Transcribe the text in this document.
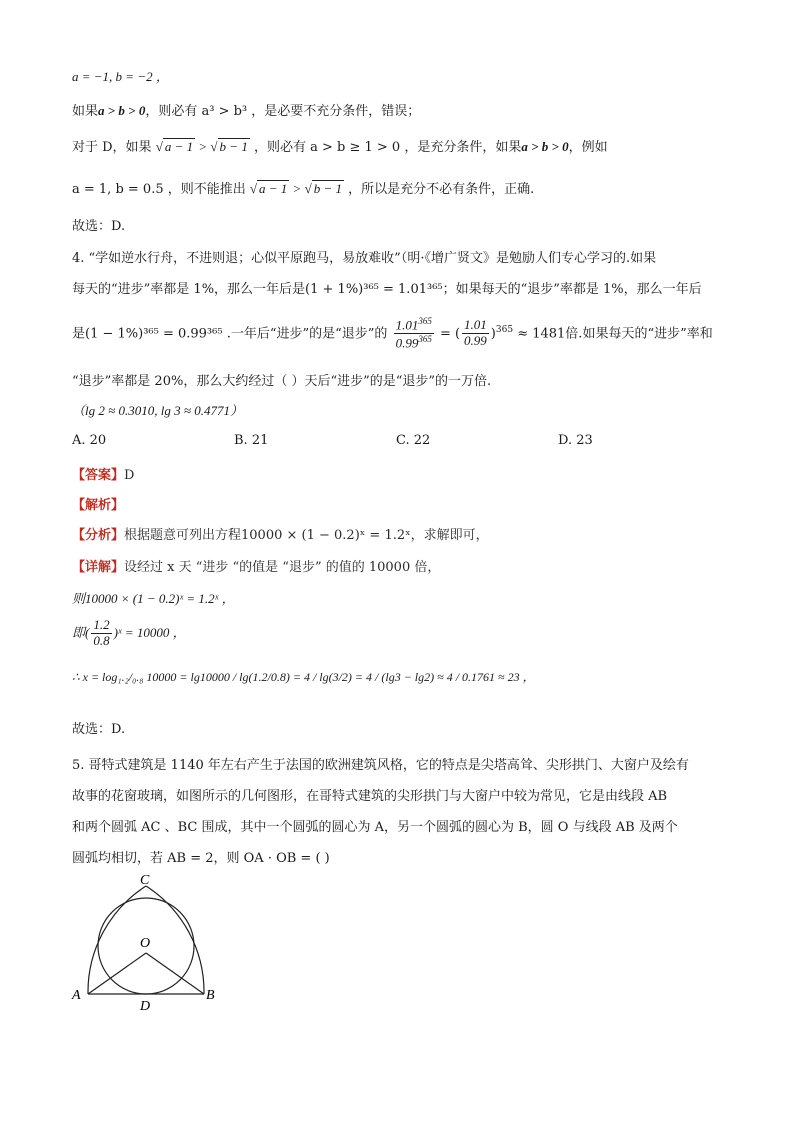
a = −1, b = −2 ，
如果a > b > 0，则必有 a³ > b³ ，是必要不充分条件，错误；
对于 D，如果 √ a − 1 > √ b − 1 ，则必有 a > b ≥ 1 > 0 ，是充分条件，如果a > b > 0，例如
a = 1, b = 0.5 ，则不能推出 √ a − 1 > √ b − 1 ，所以是充分不必有条件，正确.
故选：D.
4. “学如逆水行舟，不进则退；心似平原跑马，易放难收”（明·《增广贤文》是勉励人们专心学习的.如果
每天的“进步”率都是 1%，那么一年后是(1 + 1%)³⁶⁵ = 1.01³⁶⁵；如果每天的“退步”率都是 1%，那么一年后
是(1 − 1%)³⁶⁵ = 0.99³⁶⁵ .一年后“进步”的是“退步”的 $\frac{1.01^{365}}{0.99^{365}}$ = ( $\frac{1.01}{0.99} )^{365} \approx 1481$倍.如果每天的“进步”率和
“退步”率都是 20%，那么大约经过（ ）天后“进步”的是“退步”的一万倍.
（lg 2 ≈ 0.3010, lg 3 ≈ 0.4771）
A. 20	B. 21	C. 22	D. 23
【答案】D
【解析】
【分析】根据题意可列出方程10000 × (1 − 0.2)ˣ = 1.2ˣ，求解即可，
【详解】设经过 x 天 “进步 “的值是 “退步” 的值的 10000 倍，
则10000 × (1 − 0.2)ˣ = 1.2ˣ ，
即( $\frac{1.2}{0.8}$ )ˣ = 10000 ，
∴ x = log₁.₂/₀.₈ 10000 = lg10000 / lg(1.2/0.8) = 4 / lg(3/2) = 4 / (lg3 − lg2) ≈ 4 / 0.1761 ≈ 23 ，
故选：D.
5. 哥特式建筑是 1140 年左右产生于法国的欧洲建筑风格，它的特点是尖塔高耸、尖形拱门、大窗户及绘有
故事的花窗玻璃，如图所示的几何图形，在哥特式建筑的尖形拱门与大窗户中较为常见，它是由线段 AB
和两个圆弧 AC 、BC 围成，其中一个圆弧的圆心为 A，另一个圆弧的圆心为 B，圆 O 与线段 AB 及两个
圆弧均相切，若 AB = 2，则 OA · OB = ( )
C
O
A	B
D
